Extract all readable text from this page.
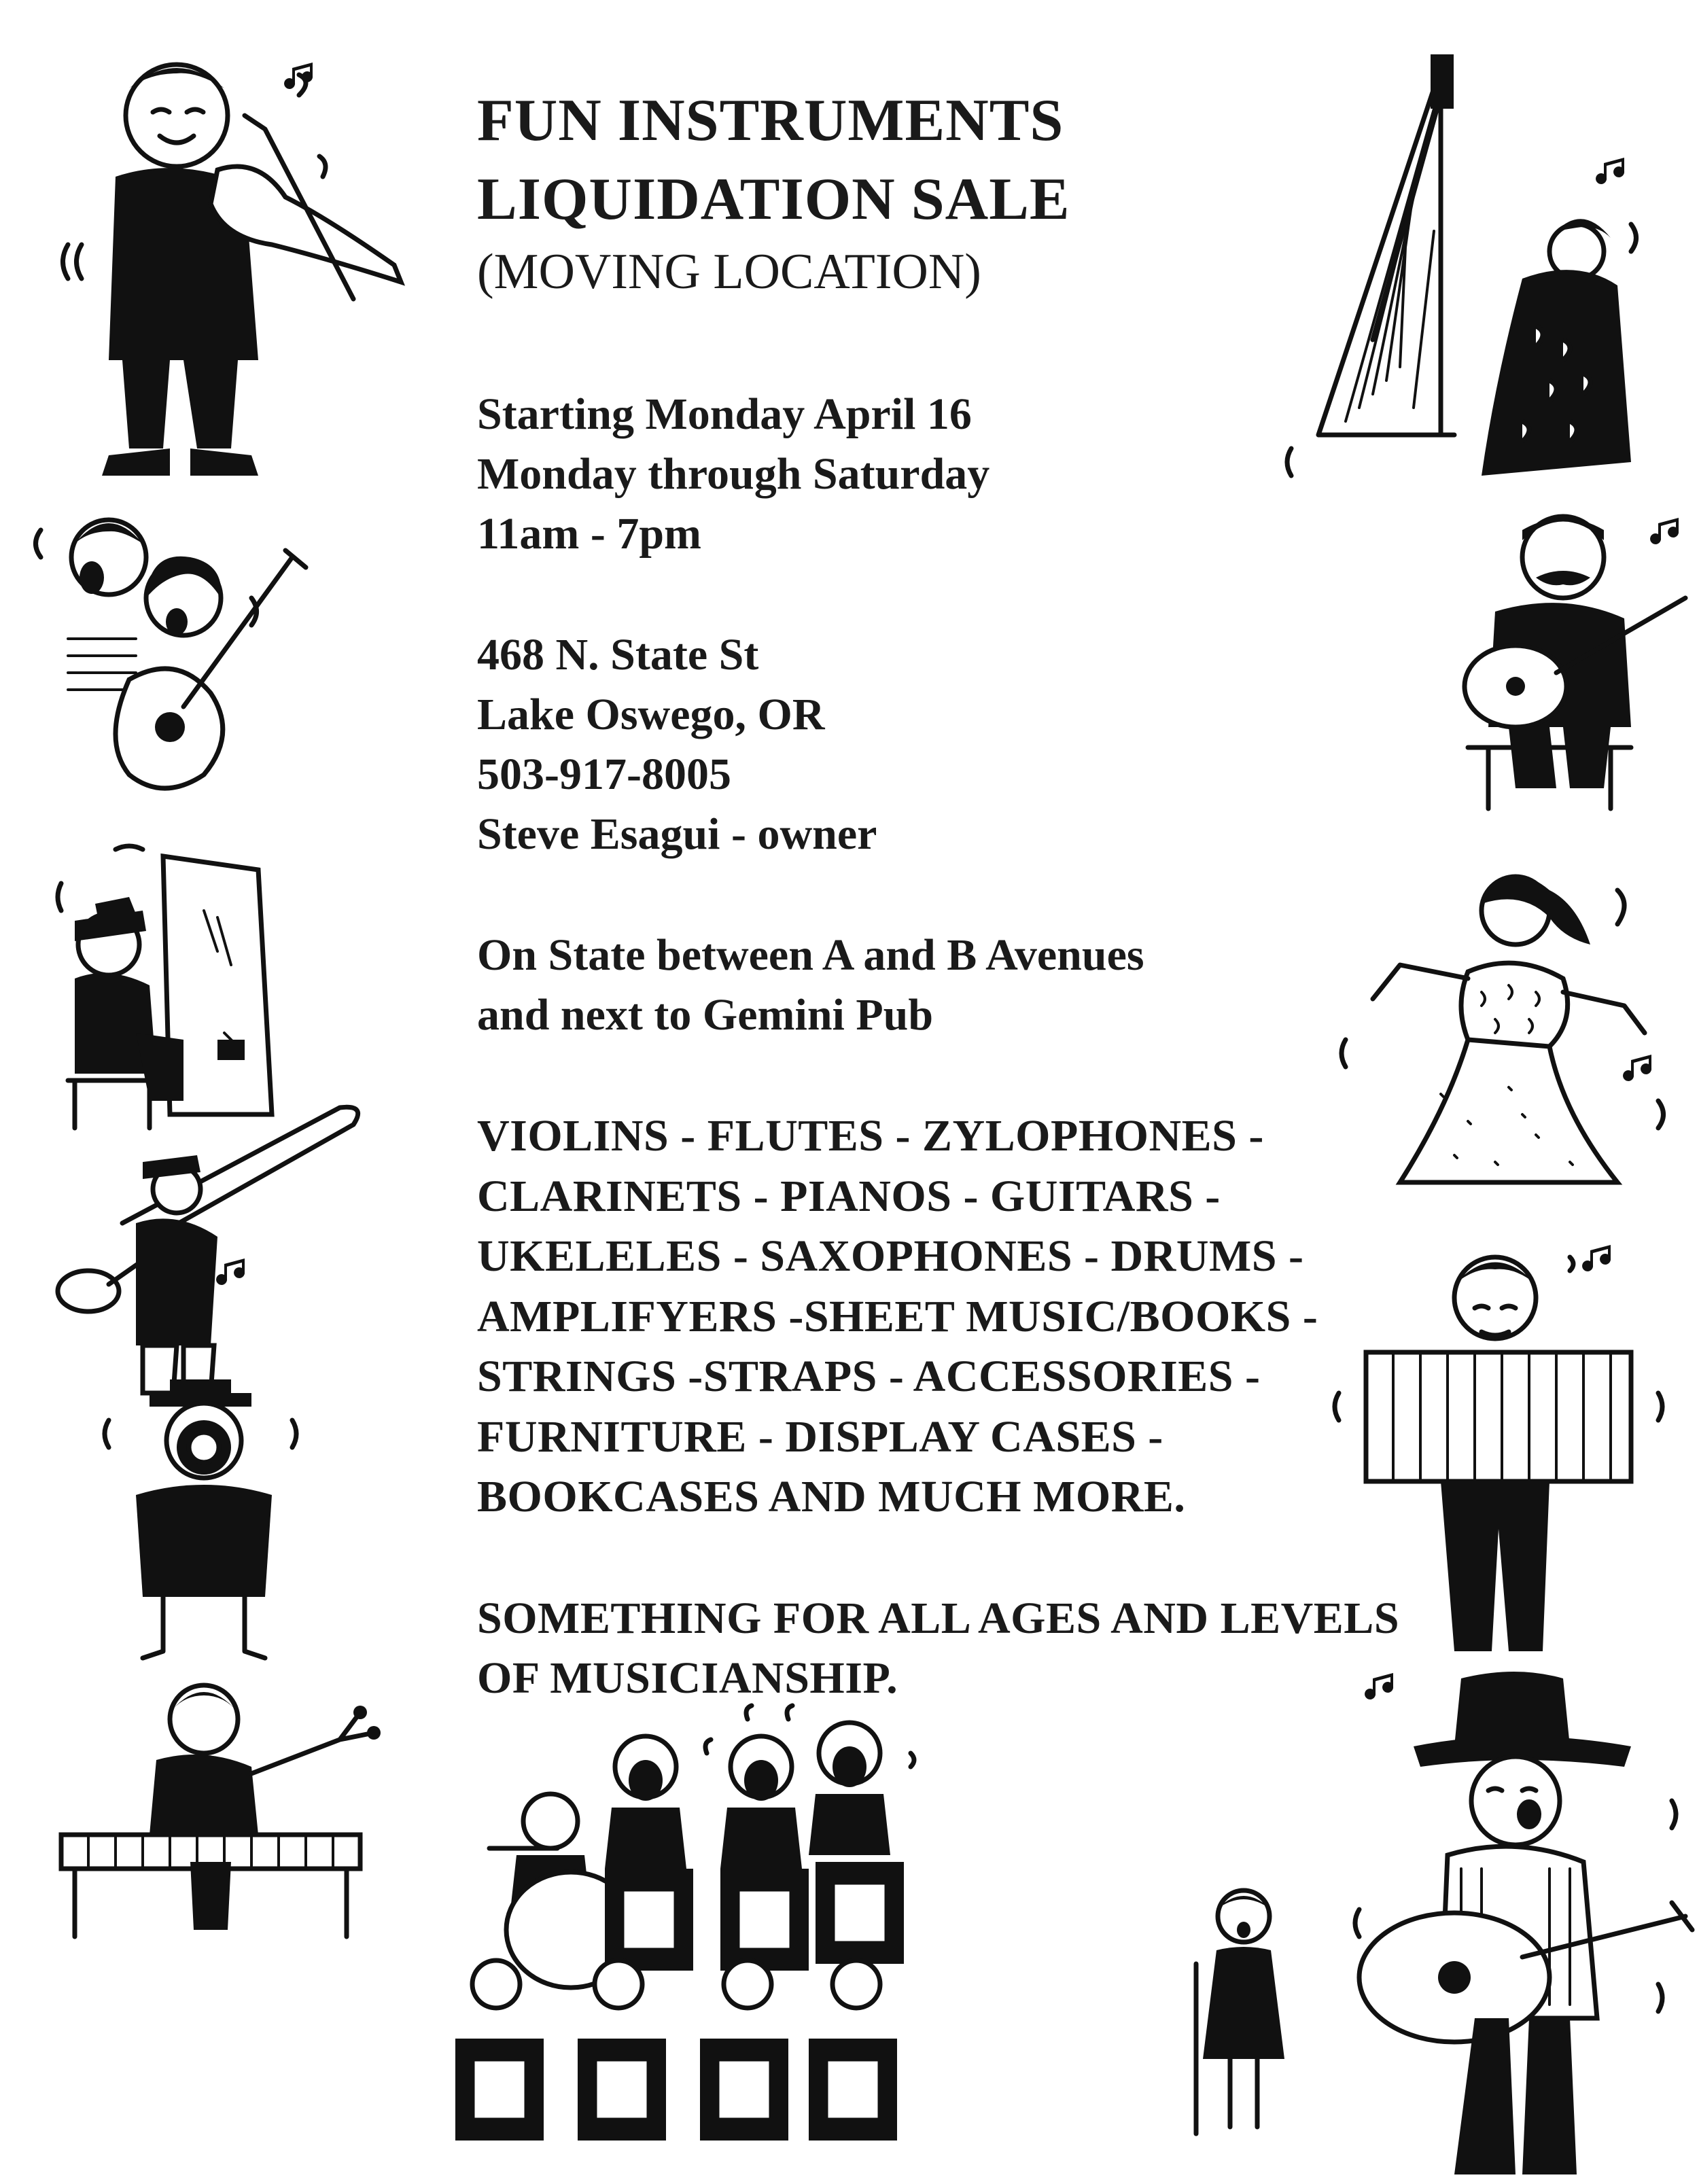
FUN INSTRUMENTS

LIQUIDATION SALE

(MOVING LOCATION)

Starting Monday April 16

Monday through Saturday

11am - 7pm

468 N. State St

Lake Oswego, OR

503-917-8005

Steve Esagui - owner

On State between A and B Avenues

and next to Gemini Pub

VIOLINS - FLUTES - ZYLOPHONES -

CLARINETS - PIANOS - GUITARS -

UKELELES - SAXOPHONES - DRUMS -

AMPLIFYERS -SHEET MUSIC/BOOKS -

STRINGS -STRAPS - ACCESSORIES -

FURNITURE - DISPLAY CASES -

BOOKCASES AND MUCH MORE.

SOMETHING FOR ALL AGES AND LEVELS

OF MUSICIANSHIP.
